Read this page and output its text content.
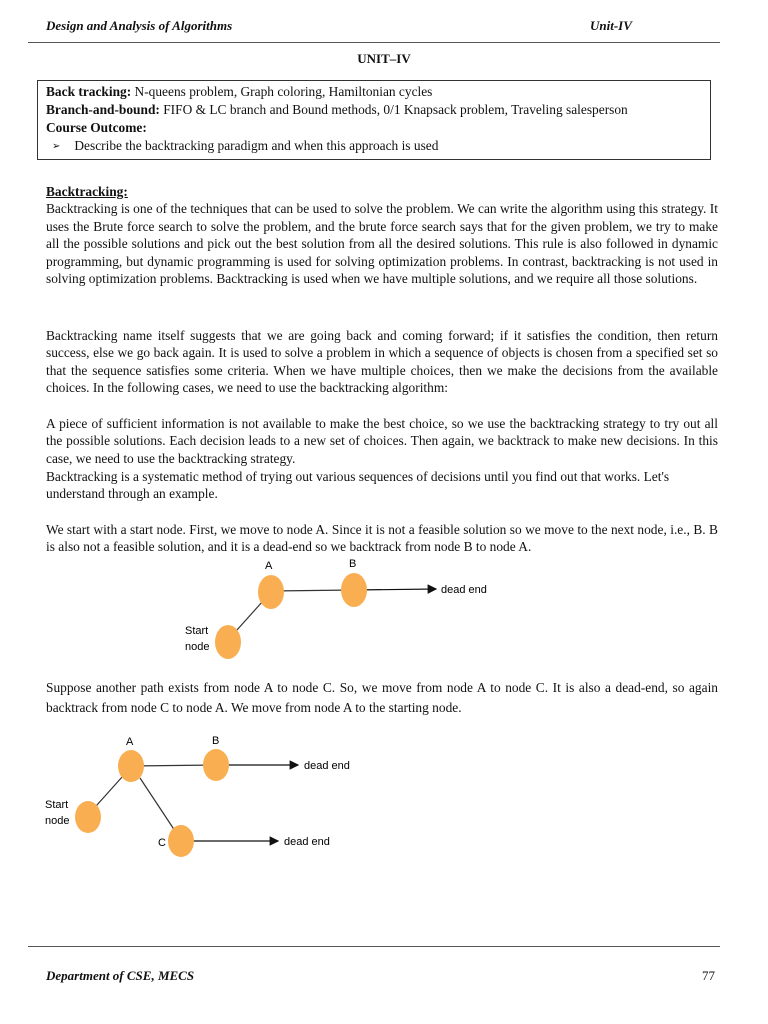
Design and Analysis of Algorithms	Unit-IV
UNIT–IV
Back tracking: N-queens problem, Graph coloring, Hamiltonian cycles
Branch-and-bound: FIFO & LC branch and Bound methods, 0/1 Knapsack problem, Traveling salesperson
Course Outcome:
➢ Describe the backtracking paradigm and when this approach is used
Backtracking:
Backtracking is one of the techniques that can be used to solve the problem. We can write the algorithm using this strategy. It uses the Brute force search to solve the problem, and the brute force search says that for the given problem, we try to make all the possible solutions and pick out the best solution from all the desired solutions. This rule is also followed in dynamic programming, but dynamic programming is used for solving optimization problems. In contrast, backtracking is not used in solving optimization problems. Backtracking is used when we have multiple solutions, and we require all those solutions.
Backtracking name itself suggests that we are going back and coming forward; if it satisfies the condition, then return success, else we go back again. It is used to solve a problem in which a sequence of objects is chosen from a specified set so that the sequence satisfies some criteria. When we have multiple choices, then we make the decisions from the available choices. In the following cases, we need to use the backtracking algorithm:
A piece of sufficient information is not available to make the best choice, so we use the backtracking strategy to try out all the possible solutions. Each decision leads to a new set of choices. Then again, we backtrack to make new decisions. In this case, we need to use the backtracking strategy.
Backtracking is a systematic method of trying out various sequences of decisions until you find out that works. Let's understand through an example.
We start with a start node. First, we move to node A. Since it is not a feasible solution so we move to the next node, i.e., B. B is also not a feasible solution, and it is a dead-end so we backtrack from node B to node A.
A	B
Start
node
dead end
A	B
C
Start
node
dead end
dead end
Suppose another path exists from node A to node C. So, we move from node A to node C. It is also a dead-end, so again backtrack from node C to node A. We move from node A to the starting node.
Department of CSE, MECS	77
